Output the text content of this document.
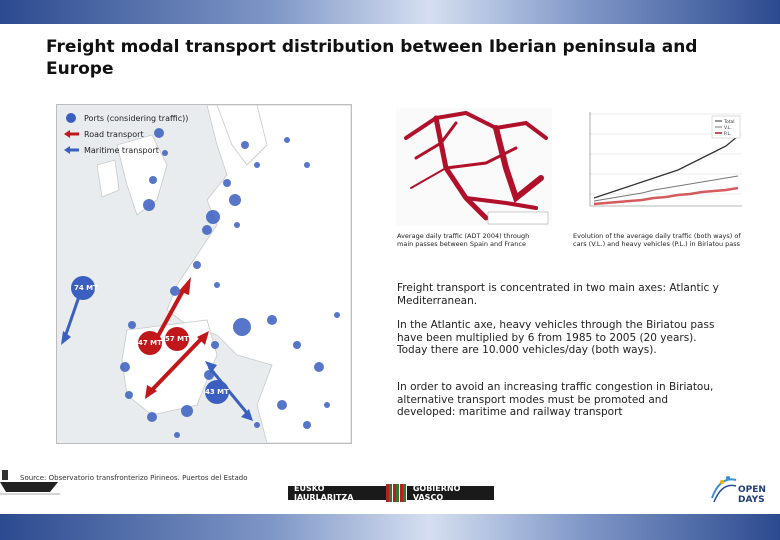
Freight modal transport distribution between Iberian peninsula and Europe
74 MT
47 MT 57 MT
43 MT
Ports (considering traffic))
Road transport
Maritime transport
Average daily traffic (ADT 2004) through main passes between Spain and France
Total
V.L.
P.L.
Evolution of the average daily traffic (both ways) of cars (V.L.) and heavy vehicles (P.L.) in Biriatou pass
Freight transport is concentrated in two main axes: Atlantic y Mediterranean.
In the Atlantic axe, heavy vehicles through the Biriatou pass have been multiplied by 6 from 1985 to 2005 (20 years). Today there are 10.000 vehicles/day (both ways).
In order to avoid an increasing traffic congestion in Biriatou, alternative transport modes must be promoted and developed: maritime and railway transport
Source: Observatorio transfronterizo Pirineos. Puertos del Estado
EUSKO JAURLARITZA
GOBIERNO VASCO
OPEN
DAYS
